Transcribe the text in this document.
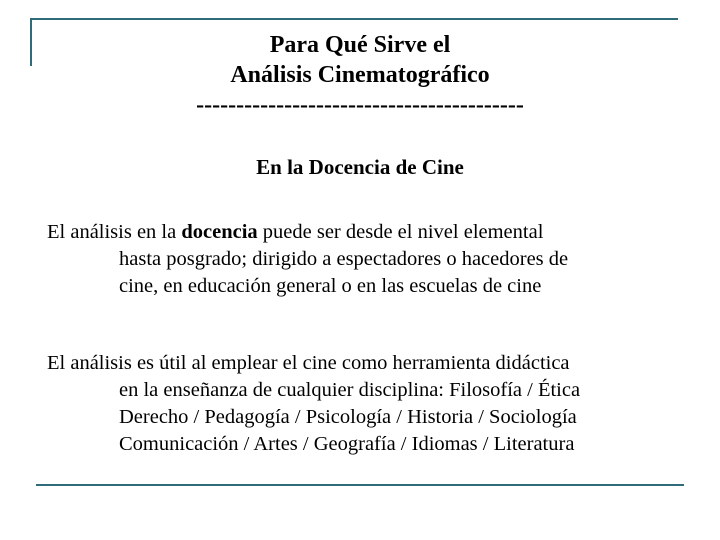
Para Qué Sirve el
Análisis Cinematográfico
-----------------------------------------
En la Docencia de Cine
El análisis en la docencia puede ser desde el nivel elemental
hasta posgrado; dirigido a espectadores o hacedores de
cine, en educación general o en las escuelas de cine
El análisis es útil al emplear el cine como herramienta didáctica
en la enseñanza de cualquier disciplina: Filosofía / Ética
Derecho / Pedagogía / Psicología / Historia / Sociología
Comunicación / Artes / Geografía / Idiomas / Literatura
